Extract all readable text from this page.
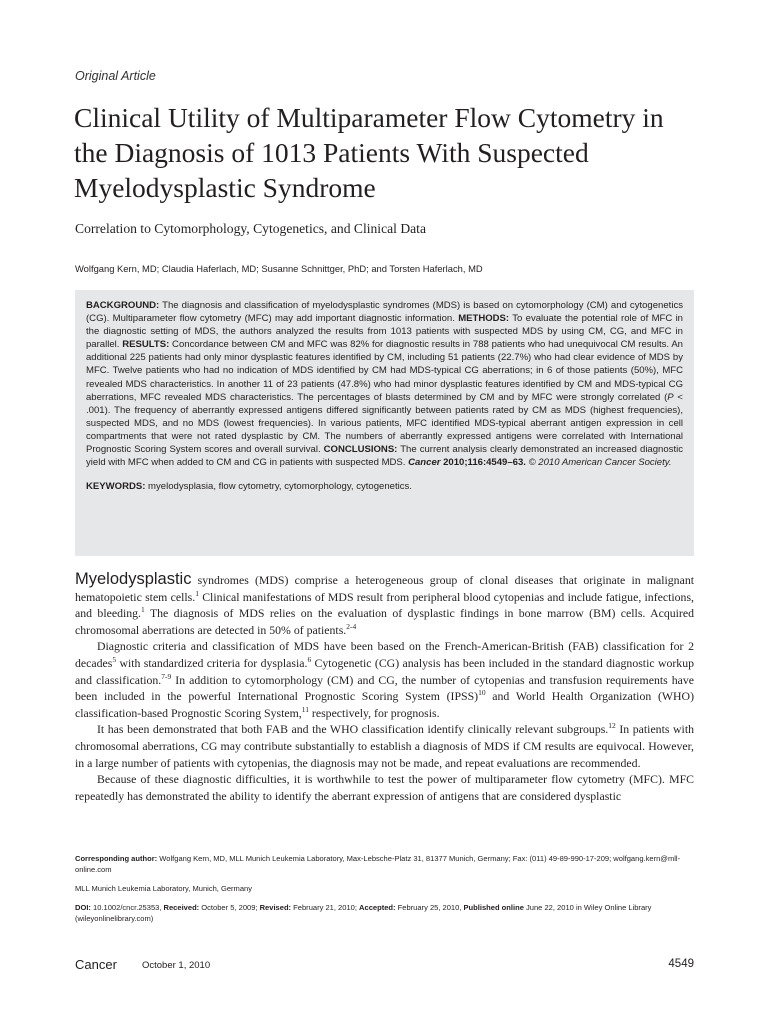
Original Article
Clinical Utility of Multiparameter Flow Cytometry in the Diagnosis of 1013 Patients With Suspected Myelodysplastic Syndrome
Correlation to Cytomorphology, Cytogenetics, and Clinical Data
Wolfgang Kern, MD; Claudia Haferlach, MD; Susanne Schnittger, PhD; and Torsten Haferlach, MD

BACKGROUND: The diagnosis and classification of myelodysplastic syndromes (MDS) is based on cytomorphology (CM) and cytogenetics (CG). Multiparameter flow cytometry (MFC) may add important diagnostic information. METHODS: To evaluate the potential role of MFC in the diagnostic setting of MDS, the authors analyzed the results from 1013 patients with suspected MDS by using CM, CG, and MFC in parallel. RESULTS: Concordance between CM and MFC was 82% for diagnostic results in 788 patients who had unequivocal CM results. An additional 225 patients had only minor dysplastic features identified by CM, including 51 patients (22.7%) who had clear evidence of MDS by MFC. Twelve patients who had no indication of MDS identified by CM had MDS-typical CG aberrations; in 6 of those patients (50%), MFC revealed MDS characteristics. In another 11 of 23 patients (47.8%) who had minor dysplastic features identified by CM and MDS-typical CG aberrations, MFC revealed MDS characteristics. The percentages of blasts determined by CM and by MFC were strongly correlated (P < .001). The frequency of aberrantly expressed antigens differed significantly between patients rated by CM as MDS (highest frequencies), suspected MDS, and no MDS (lowest frequencies). In various patients, MFC identified MDS-typical aberrant antigen expression in cell compartments that were not rated dysplastic by CM. The numbers of aberrantly expressed antigens were correlated with International Prognostic Scoring System scores and overall survival. CONCLUSIONS: The current analysis clearly demonstrated an increased diagnostic yield with MFC when added to CM and CG in patients with suspected MDS. Cancer 2010;116:4549–63. © 2010 American Cancer Society.

KEYWORDS: myelodysplasia, flow cytometry, cytomorphology, cytogenetics.

Myelodysplastic syndromes (MDS) comprise a heterogeneous group of clonal diseases that originate in malignant hematopoietic stem cells.$^1$ Clinical manifestations of MDS result from peripheral blood cytopenias and include fatigue, infections, and bleeding.$^1$ The diagnosis of MDS relies on the evaluation of dysplastic findings in bone marrow (BM) cells. Acquired chromosomal aberrations are detected in 50% of patients.$^{2-4}$

Diagnostic criteria and classification of MDS have been based on the French-American-British (FAB) classification for 2 decades$^5$ with standardized criteria for dysplasia.$^6$ Cytogenetic (CG) analysis has been included in the standard diagnostic workup and classification.$^{7-9}$ In addition to cytomorphology (CM) and CG, the number of cytopenias and transfusion requirements have been included in the powerful International Prognostic Scoring System (IPSS)$^{10}$ and World Health Organization (WHO) classification-based Prognostic Scoring System,$^{11}$ respectively, for prognosis.

It has been demonstrated that both FAB and the WHO classification identify clinically relevant subgroups.$^{12}$ In patients with chromosomal aberrations, CG may contribute substantially to establish a diagnosis of MDS if CM results are equivocal. However, in a large number of patients with cytopenias, the diagnosis may not be made, and repeat evaluations are recommended.

Because of these diagnostic difficulties, it is worthwhile to test the power of multiparameter flow cytometry (MFC). MFC repeatedly has demonstrated the ability to identify the aberrant expression of antigens that are considered dysplastic

Corresponding author: Wolfgang Kern, MD, MLL Munich Leukemia Laboratory, Max-Lebsche-Platz 31, 81377 Munich, Germany; Fax: (011) 49-89-990-17-209; wolfgang.kern@mll-online.com

MLL Munich Leukemia Laboratory, Munich, Germany

DOI: 10.1002/cncr.25353, Received: October 5, 2009; Revised: February 21, 2010; Accepted: February 25, 2010, Published online June 22, 2010 in Wiley Online Library (wileyonlinelibrary.com)

Cancer	October 1, 2010	4549
